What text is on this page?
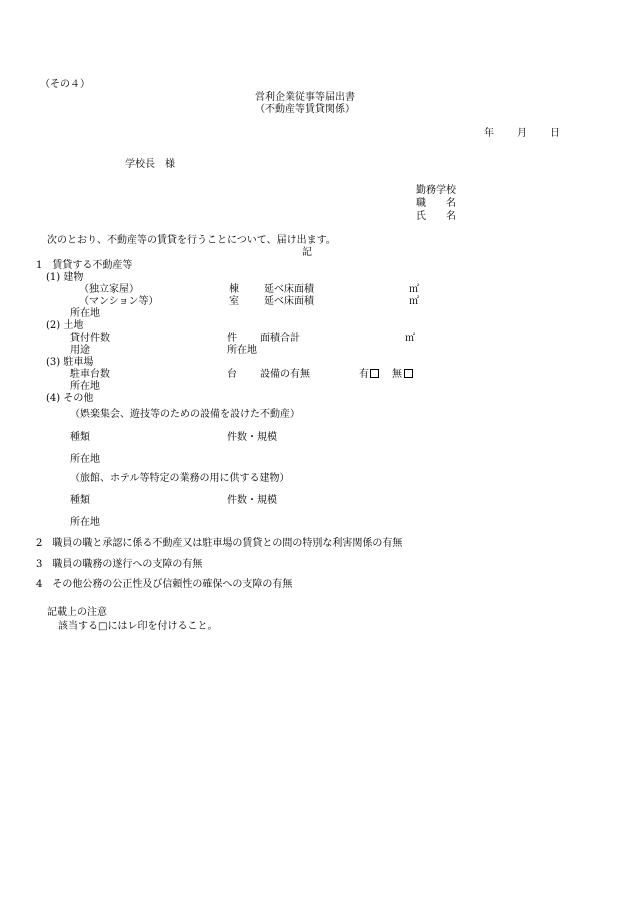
（その４）
営利企業従事等届出書
（不動産等賃貸関係）
年 月 日
学校長　様
勤務学校
職　　名
氏　　名
次のとおり、不動産等の賃貸を行うことについて、届け出ます。
記
1　賃貸する不動産等
(1) 建物
（独立家屋）	棟	延べ床面積	㎡
（マンション等）	室	延べ床面積	㎡
所在地
(2) 土地
貸付件数	件 面積合計	㎡
用途	所在地
(3) 駐車場
駐車台数	台 設備の有無	有 無
所在地
(4) その他
（娯楽集会、遊技等のための設備を設けた不動産）
種類	件数・規模
所在地
（旅館、ホテル等特定の業務の用に供する建物）
種類	件数・規模
所在地
2　職員の職と承認に係る不動産又は駐車場の賃貸との間の特別な利害関係の有無
3　職員の職務の遂行への支障の有無
4　その他公務の公正性及び信頼性の確保への支障の有無
記載上の注意
該当する□にはレ印を付けること。
